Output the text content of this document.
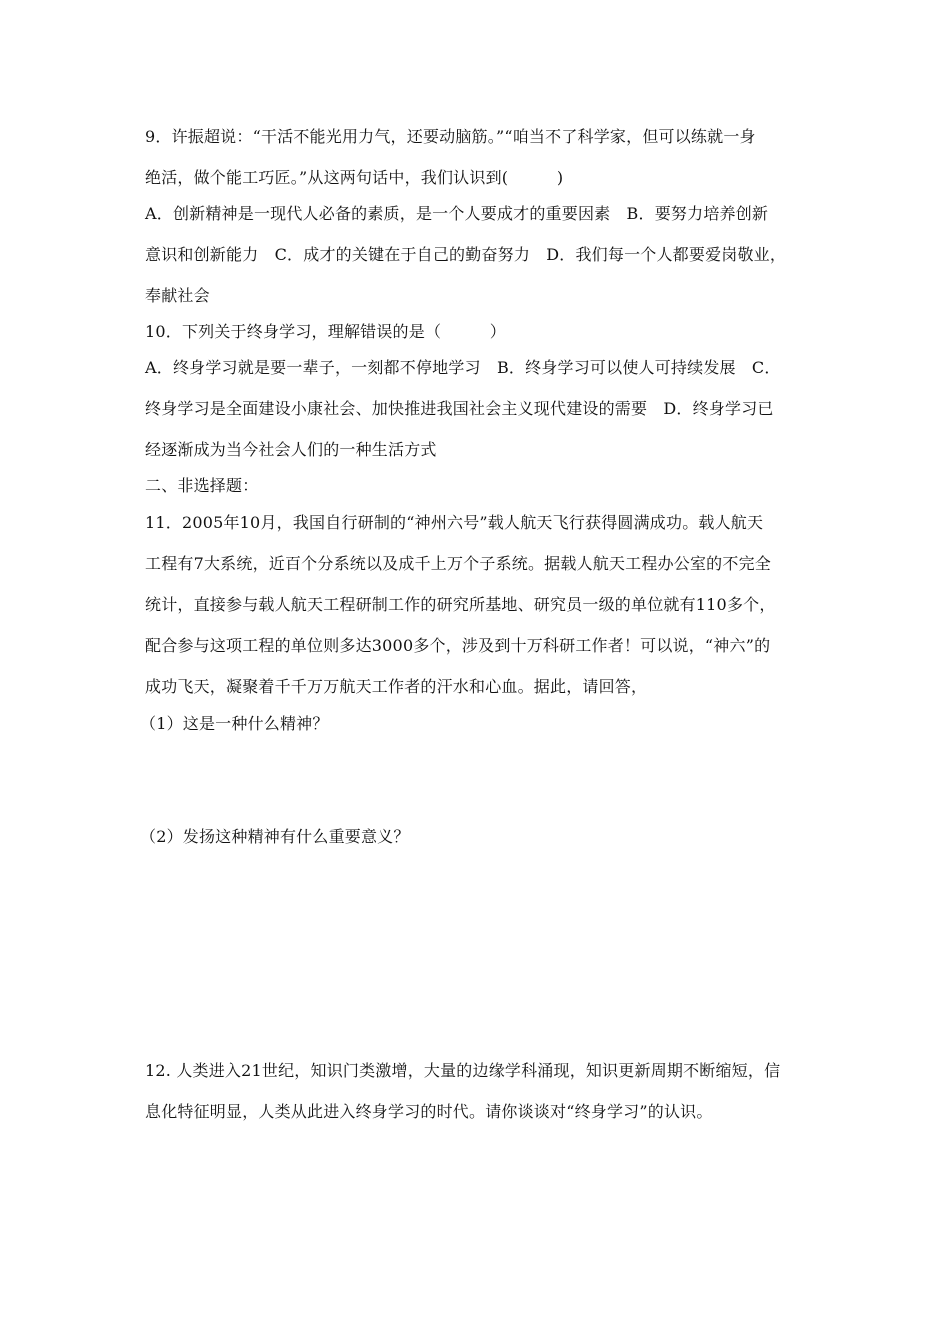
9．许振超说：“干活不能光用力气，还要动脑筋。”“咱当不了科学家，但可以练就一身
绝活，做个能工巧匠。”从这两句话中，我们认识到(　　　)
A．创新精神是一现代人必备的素质，是一个人要成才的重要因素　B．要努力培养创新
意识和创新能力　C．成才的关键在于自己的勤奋努力　D．我们每一个人都要爱岗敬业，
奉献社会
10．下列关于终身学习，理解错误的是（　　　）
A．终身学习就是要一辈子，一刻都不停地学习　B．终身学习可以使人可持续发展　C．
终身学习是全面建设小康社会、加快推进我国社会主义现代建设的需要　D．终身学习已
经逐渐成为当今社会人们的一种生活方式
二、非选择题：
11．2005年10月，我国自行研制的“神州六号”载人航天飞行获得圆满成功。载人航天
工程有7大系统，近百个分系统以及成千上万个子系统。据载人航天工程办公室的不完全
统计，直接参与载人航天工程研制工作的研究所基地、研究员一级的单位就有110多个，
配合参与这项工程的单位则多达3000多个，涉及到十万科研工作者！可以说，“神六”的
成功飞天，凝聚着千千万万航天工作者的汗水和心血。据此，请回答，
（1）这是一种什么精神？
（2）发扬这种精神有什么重要意义？
12. 人类进入21世纪，知识门类激增，大量的边缘学科涌现，知识更新周期不断缩短，信
息化特征明显，人类从此进入终身学习的时代。请你谈谈对“终身学习”的认识。
